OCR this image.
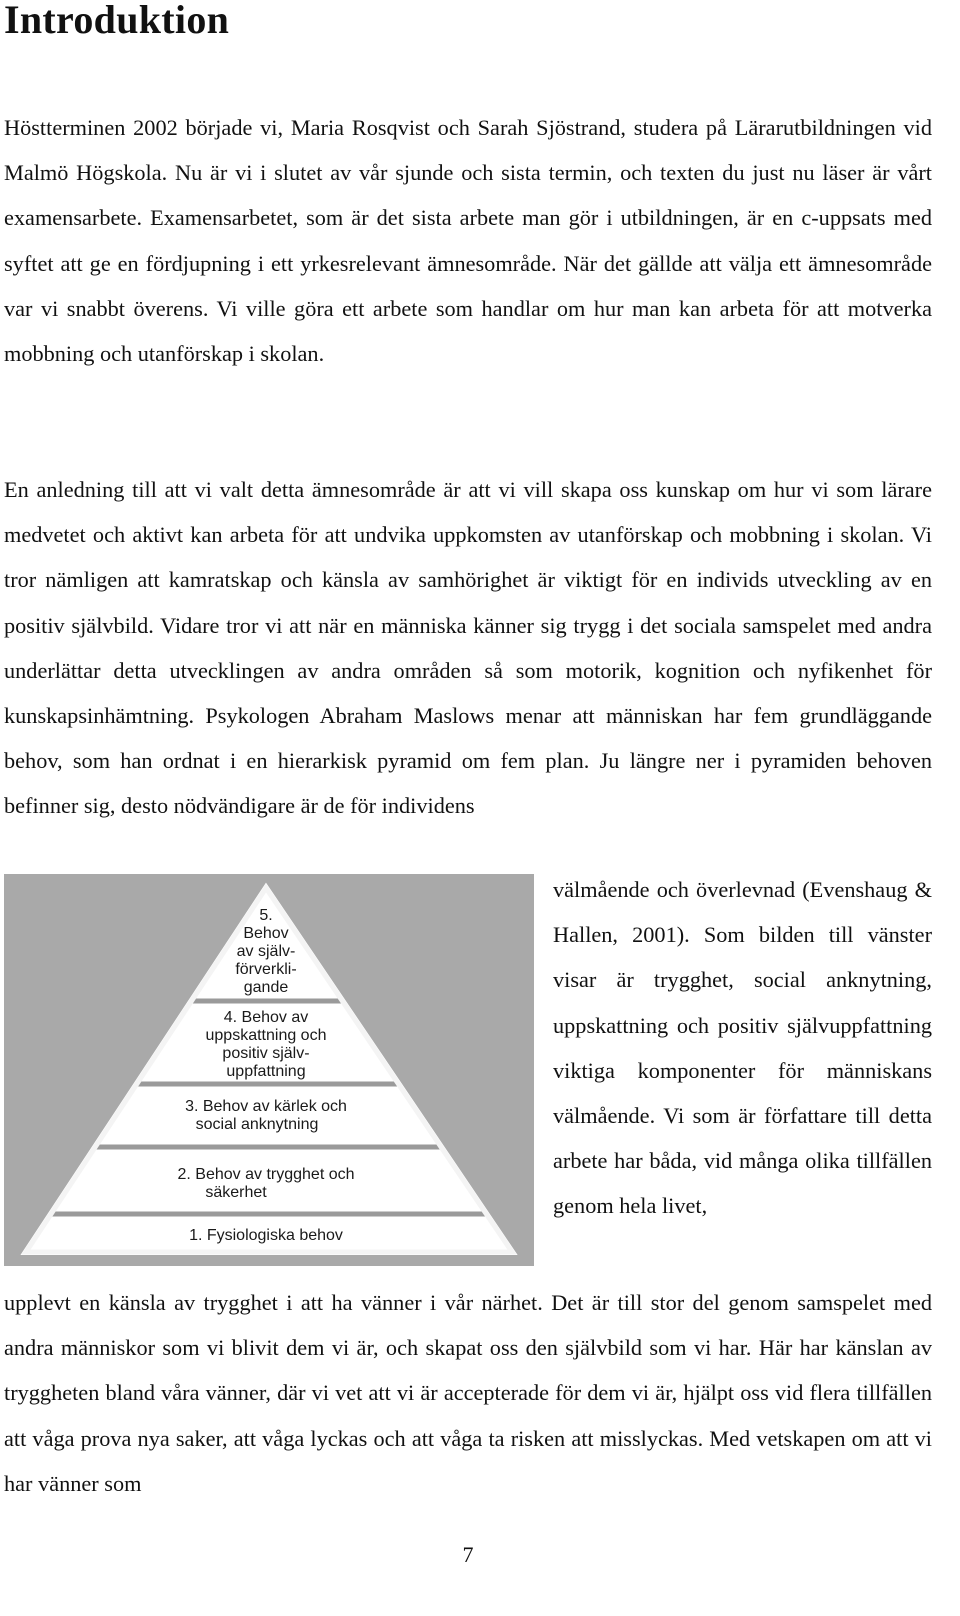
Introduktion

Höstterminen 2002 började vi, Maria Rosqvist och Sarah Sjöstrand, studera på Lärarutbildningen vid Malmö Högskola. Nu är vi i slutet av vår sjunde och sista termin, och texten du just nu läser är vårt examensarbete. Examensarbetet, som är det sista arbete man gör i utbildningen, är en c-uppsats med syftet att ge en fördjupning i ett yrkesrelevant ämnesområde. När det gällde att välja ett ämnesområde var vi snabbt överens. Vi ville göra ett arbete som handlar om hur man kan arbeta för att motverka mobbning och utanförskap i skolan.

En anledning till att vi valt detta ämnesområde är att vi vill skapa oss kunskap om hur vi som lärare medvetet och aktivt kan arbeta för att undvika uppkomsten av utanförskap och mobbning i skolan. Vi tror nämligen att kamratskap och känsla av samhörighet är viktigt för en individs utveckling av en positiv självbild. Vidare tror vi att när en människa känner sig trygg i det sociala samspelet med andra underlättar detta utvecklingen av andra områden så som motorik, kognition och nyfikenhet för kunskapsinhämtning. Psykologen Abraham Maslows menar att människan har fem grundläggande behov, som han ordnat i en hierarkisk pyramid om fem plan. Ju längre ner i pyramiden behoven befinner sig, desto nödvändigare är de för individens

5.
Behov
av själv-
förverkli-
gande
4. Behov av
uppskattning och
positiv själv-
uppfattning
3. Behov av kärlek och
social anknytning
2. Behov av trygghet och
säkerhet
1. Fysiologiska behov

välmående och överlevnad (Evenshaug & Hallen, 2001). Som bilden till vänster visar är trygghet, social anknytning, uppskattning och positiv självuppfattning viktiga komponenter för människans välmående. Vi som är författare till detta arbete har båda, vid många olika tillfällen genom hela livet,

upplevt en känsla av trygghet i att ha vänner i vår närhet. Det är till stor del genom samspelet med andra människor som vi blivit dem vi är, och skapat oss den självbild som vi har. Här har känslan av tryggheten bland våra vänner, där vi vet att vi är accepterade för dem vi är, hjälpt oss vid flera tillfällen att våga prova nya saker, att våga lyckas och att våga ta risken att misslyckas. Med vetskapen om att vi har vänner som

7
